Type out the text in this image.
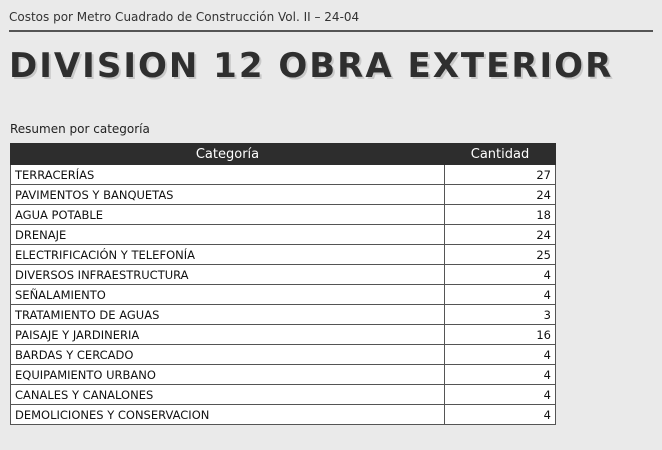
Costos por Metro Cuadrado de Construcción Vol. II – 24-04
DIVISION 12 OBRA EXTERIOR
Resumen por categoría
Categoría	Cantidad
TERRACERÍAS	27
PAVIMENTOS Y BANQUETAS	24
AGUA POTABLE	18
DRENAJE	24
ELECTRIFICACIÓN Y TELEFONÍA	25
DIVERSOS INFRAESTRUCTURA	4
SEÑALAMIENTO	4
TRATAMIENTO DE AGUAS	3
PAISAJE Y JARDINERIA	16
BARDAS Y CERCADO	4
EQUIPAMIENTO URBANO	4
CANALES Y CANALONES	4
DEMOLICIONES Y CONSERVACION	4
